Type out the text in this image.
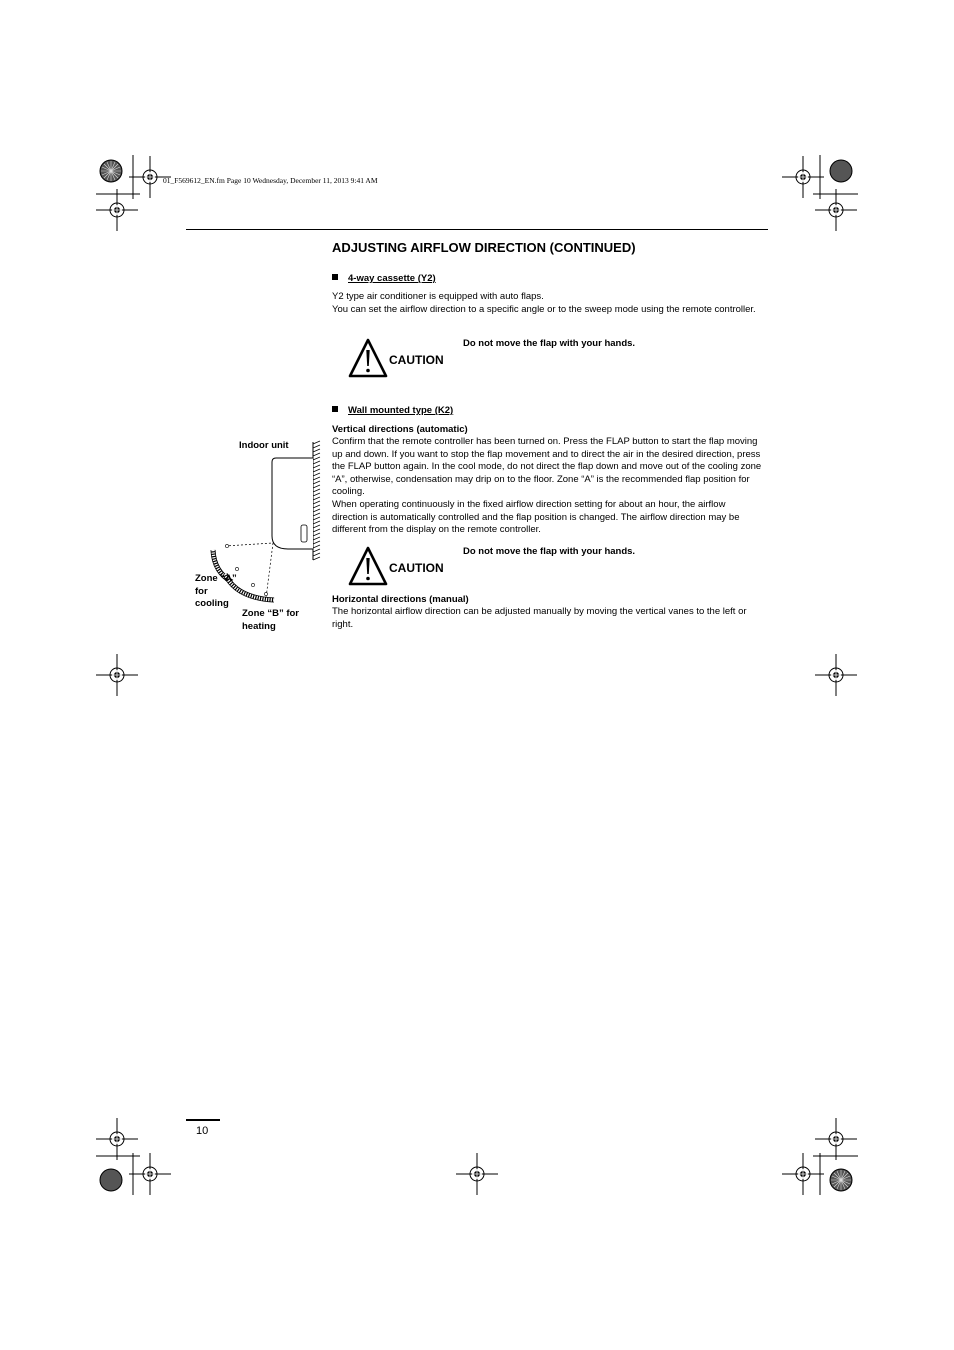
01_F569612_EN.fm Page 10 Wednesday, December 11, 2013 9:41 AM
ADJUSTING AIRFLOW DIRECTION (CONTINUED)
4-way cassette (Y2)

Y2 type air conditioner is equipped with auto flaps.

You can set the airflow direction to a specific angle or to the sweep mode using the remote controller.

Do not move the flap with your hands.
CAUTION
Wall mounted type (K2)
Vertical directions (automatic)

Confirm that the remote controller has been turned on. Press the FLAP button to start the flap moving up and down. If you want to stop the flap movement and to direct the air in the desired direction, press the FLAP button again. In the cool mode, do not direct the flap down and move out of the cooling zone “A”, otherwise, condensation may drip on to the floor. Zone “A” is the recommended flap position for cooling.

When operating continuously in the fixed airflow direction setting for about an hour, the airflow direction is automatically controlled and the flap position is changed. The airflow direction may be different from the display on the remote controller.

Do not move the flap with your hands.
CAUTION
Horizontal directions (manual)

The horizontal airflow direction can be adjusted manually by moving the vertical vanes to the left or right.

Indoor unit
Zone “A” for cooling
Zone “B” for heating
10
